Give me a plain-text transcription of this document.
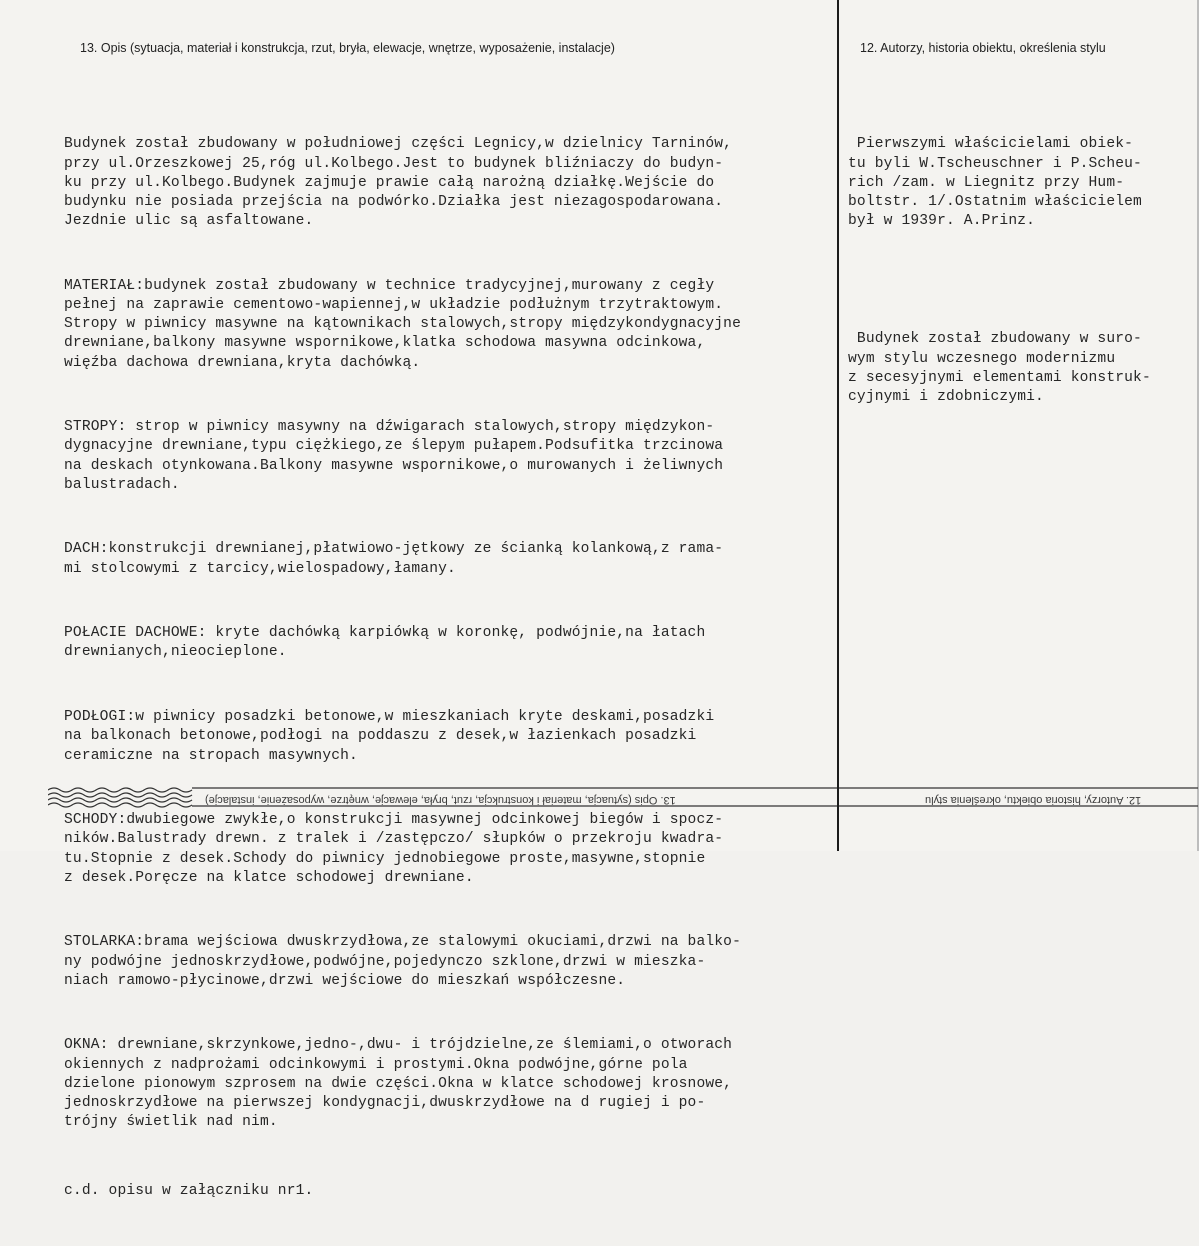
13. Opis (sytuacja, materiał i konstrukcja, rzut, bryła, elewacje, wnętrze, wyposażenie, instalacje)	12. Autorzy, historia obiektu, określenia stylu

Budynek został zbudowany w południowej części Legnicy,w dzielnicy Tarninów,
przy ul.Orzeszkowej 25,róg ul.Kolbego.Jest to budynek bliźniaczy do budyn-
ku przy ul.Kolbego.Budynek zajmuje prawie całą narożną działkę.Wejście do
budynku nie posiada przejścia na podwórko.Działka jest niezagospodarowana.
Jezdnie ulic są asfaltowane.

MATERIAŁ:budynek został zbudowany w technice tradycyjnej,murowany z cegły
pełnej na zaprawie cementowo-wapiennej,w układzie podłużnym trzytraktowym.
Stropy w piwnicy masywne na kątownikach stalowych,stropy międzykondygnacyjne
drewniane,balkony masywne wspornikowe,klatka schodowa masywna odcinkowa,
więźba dachowa drewniana,kryta dachówką.

STROPY: strop w piwnicy masywny na dźwigarach stalowych,stropy międzykon-
dygnacyjne drewniane,typu ciężkiego,ze ślepym pułapem.Podsufitka trzcinowa
na deskach otynkowana.Balkony masywne wspornikowe,o murowanych i żeliwnych
balustradach.

DACH:konstrukcji drewnianej,płatwiowo-jętkowy ze ścianką kolankową,z rama-
mi stolcowymi z tarcicy,wielospadowy,łamany.

POŁACIE DACHOWE: kryte dachówką karpiówką w koronkę, podwójnie,na łatach
drewnianych,nieocieplone.

PODŁOGI:w piwnicy posadzki betonowe,w mieszkaniach kryte deskami,posadzki
na balkonach betonowe,podłogi na poddaszu z desek,w łazienkach posadzki
ceramiczne na stropach masywnych.

SCHODY:dwubiegowe zwykłe,o konstrukcji masywnej odcinkowej biegów i spocz-
ników.Balustrady drewn. z tralek i /zastępczo/ słupków o przekroju kwadra-
tu.Stopnie z desek.Schody do piwnicy jednobiegowe proste,masywne,stopnie
z desek.Poręcze na klatce schodowej drewniane.

STOLARKA:brama wejściowa dwuskrzydłowa,ze stalowymi okuciami,drzwi na balko-
ny podwójne jednoskrzydłowe,podwójne,pojedynczo szklone,drzwi w mieszka-
niach ramowo-płycinowe,drzwi wejściowe do mieszkań współczesne.

OKNA: drewniane,skrzynkowe,jedno-,dwu- i trójdzielne,ze ślemiami,o otworach
okiennych z nadprożami odcinkowymi i prostymi.Okna podwójne,górne pola
dzielone pionowym szprosem na dwie części.Okna w klatce schodowej krosnowe,
jednoskrzydłowe na pierwszej kondygnacji,dwuskrzydłowe na d rugiej i po-
trójny świetlik nad nim.

c.d. opisu w załączniku nr1.

Pierwszymi właścicielami obiek-
tu byli W.Tscheuschner i P.Scheu-
rich /zam. w Liegnitz przy Hum-
boltstr. 1/.Ostatnim właścicielem
był w 1939r. A.Prinz.

Budynek został zbudowany w suro-
wym stylu wczesnego modernizmu
z secesyjnymi elementami konstruk-
cyjnymi i zdobniczymi.

13. Opis (sytuacja, materiał i konstrukcja, rzut, bryła, elewacje, wnętrze, wyposażenie, instalacje)	12. Autorzy, historia obiektu, określenia stylu
